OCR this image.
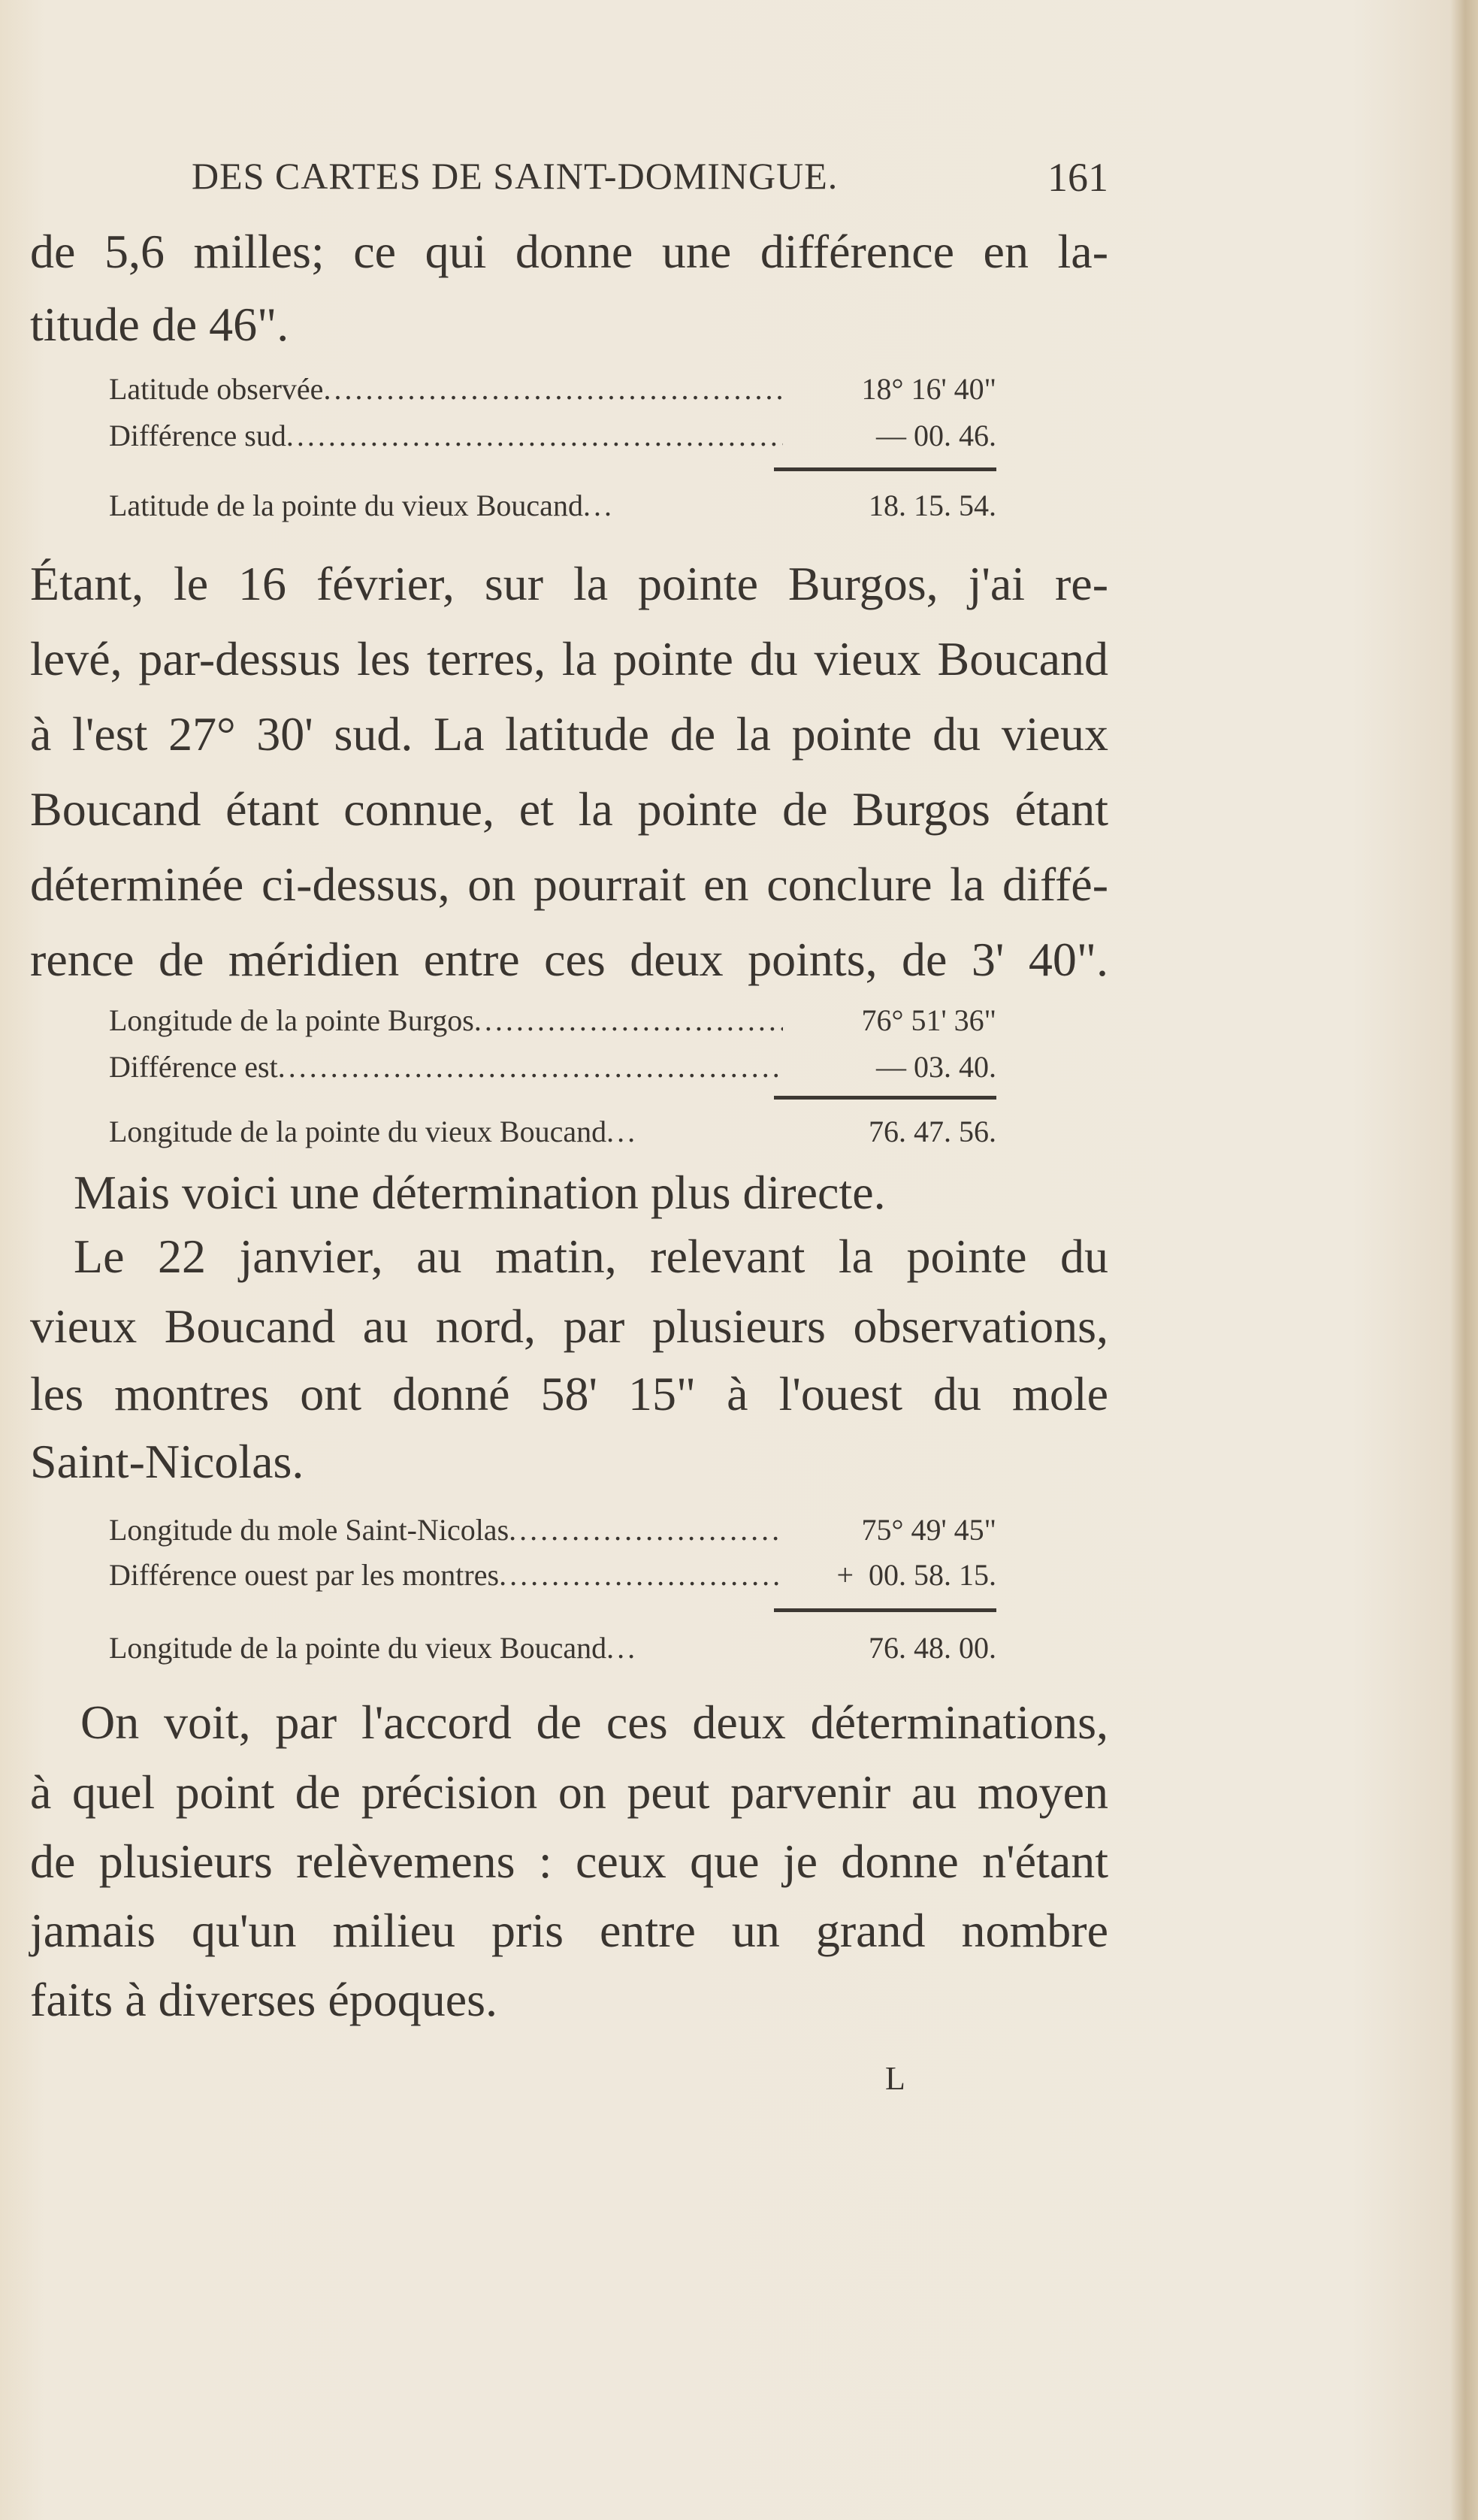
DES CARTES DE SAINT-DOMINGUE.	161
de 5,6 milles; ce qui donne une différence en la-
titude de 46".
Latitude observée .....	18° 16' 40"
Différence sud .....	— 00. 46.
Latitude de la pointe du vieux Boucand ...	18. 15. 54.
Étant, le 16 février, sur la pointe Burgos, j'ai re-
levé, par-dessus les terres, la pointe du vieux Boucand
à l'est 27° 30' sud. La latitude de la pointe du vieux
Boucand étant connue, et la pointe de Burgos étant
déterminée ci-dessus, on pourrait en conclure la diffé-
rence de méridien entre ces deux points, de 3' 40".
Longitude de la pointe Burgos .....	76° 51' 36"
Différence est .....	— 03. 40.
Longitude de la pointe du vieux Boucand ...	76. 47. 56.
Mais voici une détermination plus directe.
Le 22 janvier, au matin, relevant la pointe du
vieux Boucand au nord, par plusieurs observations,
les montres ont donné 58' 15" à l'ouest du mole
Saint-Nicolas.
Longitude du mole Saint-Nicolas .....	75° 49' 45"
Différence ouest par les montres .....	+  00. 58. 15.
Longitude de la pointe du vieux Boucand ...	76. 48. 00.
On voit, par l'accord de ces deux déterminations,
à quel point de précision on peut parvenir au moyen
de plusieurs relèvemens : ceux que je donne n'étant
jamais qu'un milieu pris entre un grand nombre
faits à diverses époques.
L
